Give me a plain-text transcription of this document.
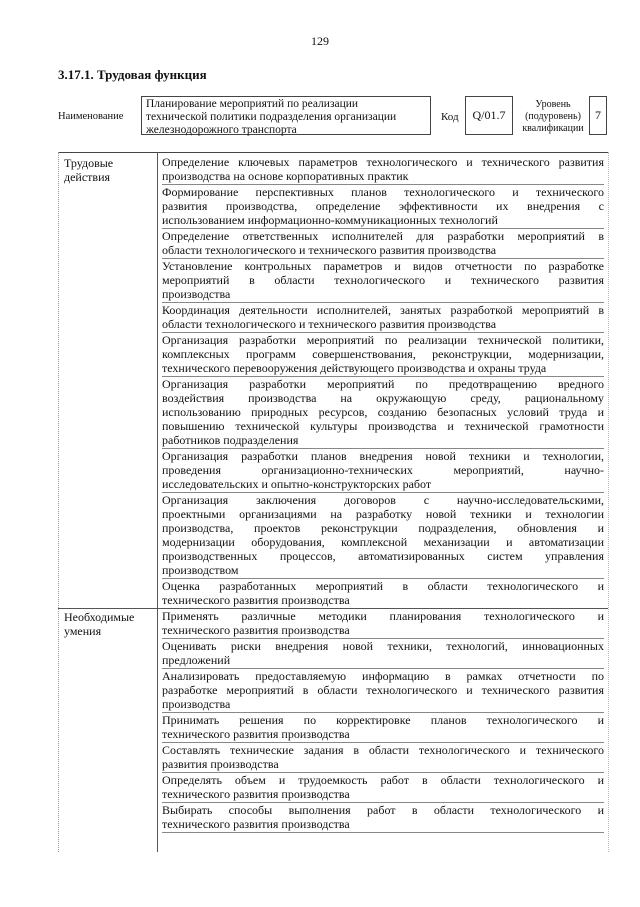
129
3.17.1. Трудовая функция
Наименование
Планирование мероприятий по реализации
технической политики подразделения организации
железнодорожного транспорта
Код	Q/01.7
Уровень
(подуровень)
квалификации
7
Трудовые
действия
Определение ключевых параметров технологического и технического развития
производства на основе корпоративных практик
Формирование перспективных планов технологического и технического
развития производства, определение эффективности их внедрения с
использованием информационно-коммуникационных технологий
Определение ответственных исполнителей для разработки мероприятий в
области технологического и технического развития производства
Установление контрольных параметров и видов отчетности по разработке
мероприятий в области технологического и технического развития
производства
Координация деятельности исполнителей, занятых разработкой мероприятий в
области технологического и технического развития производства
Организация разработки мероприятий по реализации технической политики,
комплексных программ совершенствования, реконструкции, модернизации,
технического перевооружения действующего производства и охраны труда
Организация разработки мероприятий по предотвращению вредного
воздействия производства на окружающую среду, рациональному
использованию природных ресурсов, созданию безопасных условий труда и
повышению технической культуры производства и технической грамотности
работников подразделения
Организация разработки планов внедрения новой техники и технологии,
проведения организационно-технических мероприятий, научно-
исследовательских и опытно-конструкторских работ
Организация заключения договоров с научно-исследовательскими,
проектными организациями на разработку новой техники и технологии
производства, проектов реконструкции подразделения, обновления и
модернизации оборудования, комплексной механизации и автоматизации
производственных процессов, автоматизированных систем управления
производством
Оценка разработанных мероприятий в области технологического и
технического развития производства
Необходимые
умения
Применять различные методики планирования технологического и
технического развития производства
Оценивать риски внедрения новой техники, технологий, инновационных
предложений
Анализировать предоставляемую информацию в рамках отчетности по
разработке мероприятий в области технологического и технического развития
производства
Принимать решения по корректировке планов технологического и
технического развития производства
Составлять технические задания в области технологического и технического
развития производства
Определять объем и трудоемкость работ в области технологического и
технического развития производства
Выбирать способы выполнения работ в области технологического и
технического развития производства
